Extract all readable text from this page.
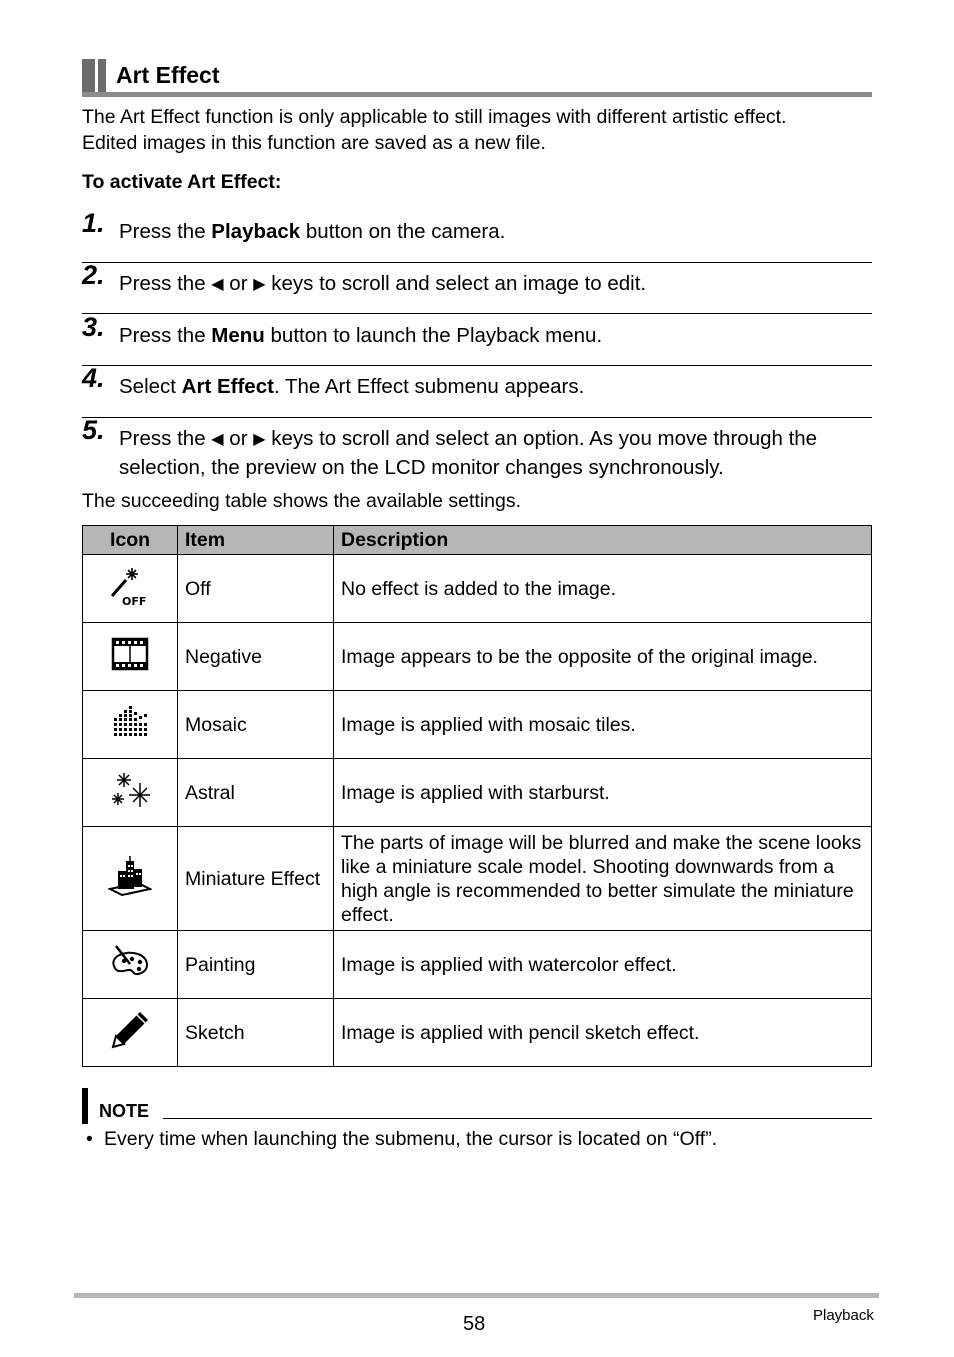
Art Effect
The Art Effect function is only applicable to still images with different artistic effect.
Edited images in this function are saved as a new file.
To activate Art Effect:
1. Press the Playback button on the camera.
2. Press the ◀ or ▶ keys to scroll and select an image to edit.
3. Press the Menu button to launch the Playback menu.
4. Select Art Effect. The Art Effect submenu appears.
5. Press the ◀ or ▶ keys to scroll and select an option. As you move through the selection, the preview on the LCD monitor changes synchronously.
The succeeding table shows the available settings.
Icon	Item	Description

OFF	Off	No effect is added to the image.
	Negative	Image appears to be the opposite of the original image.
	Mosaic	Image is applied with mosaic tiles.
	Astral	Image is applied with starburst.
	Miniature Effect	The parts of image will be blurred and make the scene looks like a miniature scale model. Shooting downwards from a high angle is recommended to better simulate the miniature effect.
	Painting	Image is applied with watercolor effect.
	Sketch	Image is applied with pencil sketch effect.
NOTE
• Every time when launching the submenu, the cursor is located on “Off”.
58	Playback
